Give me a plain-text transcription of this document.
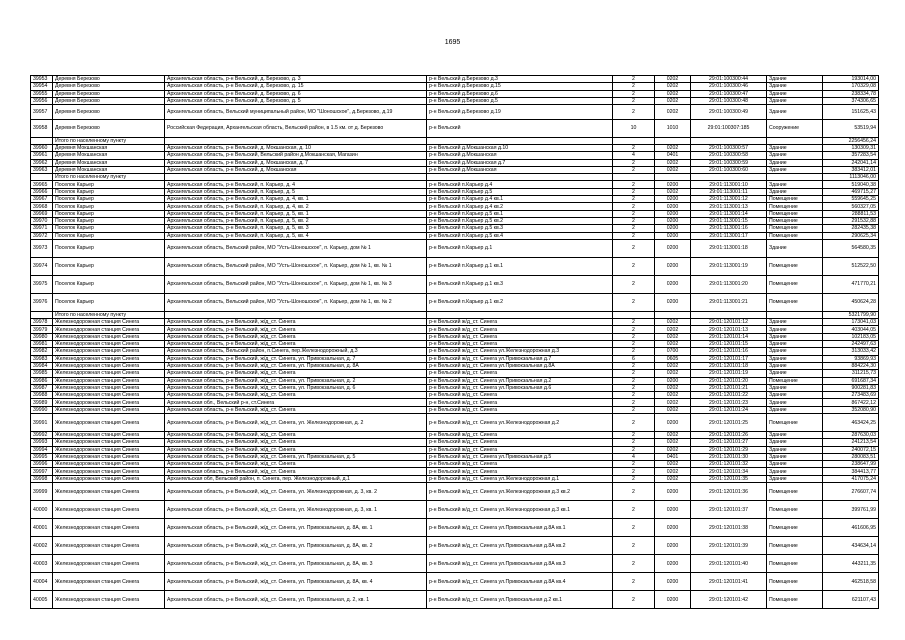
1695
39953	Деревня Березово	Архангельская область, р-н Вельский, д. Березово, д. 3	р-н Вельский д.Березово д.3	2	0202	29:01:100300:44	Здание	193014,00
39954	Деревня Березово	Архангельская область, р-н Вельский, д. Березово, д. 15	р-н Вельский д.Березово д.15	2	0202	29:01:100300:46	Здание	170329,08
39955	Деревня Березово	Архангельская область, р-н Вельский, д. Березово, д. 6	р-н Вельский д.Березово д.6	2	0202	29:01:100300:47	Здание	238334,78
39956	Деревня Березово	Архангельская область, р-н Вельский, д. Березово, д. 5	р-н Вельский д.Березово д.5	2	0202	29:01:100300:48	Здание	374306,65
39957	Деревня Березово	Архангельская область, Вельский муниципальный район, МО "Шоношское", д.Березово, д.19	р-н Вельский д.Березово д.19	2	0202	29:01:100300:49	Здание	151625,43
39958	Деревня Березово	Российская Федерация, Архангельская область, Вельский район, в 1.5 км. от д. Березово	р-н Вельский	10	1010	29:01:100307:185	Сооружение	53519,94
	Итого по населенному пункту							2256456,24
39960	Деревня Мокшанская	Архангельская область, р-н Вельский, д. Мокшанская, д. 10	р-н Вельский д.Мокшанская д.10	2	0202	29:01:100300:57	Здание	130309,31
39961	Деревня Мокшанская	Архангельская область, р-н Вельский, Вельский район д.Мокшанская, Магазин	р-н Вельский д.Мокшанская	4	0401	29:01:100300:58	Здание	357283,54
39962	Деревня Мокшанская	Архангельская область, р-н Вельский, д. Мокшанская, д. 7	р-н Вельский д.Мокшанская д.7	2	0202	29:01:100300:59	Здание	242041,14
39963	Деревня Мокшанская	Архангельская область, р-н Вельский, д. Мокшанская	р-н Вельский д.Мокшанская	2	0202	29:01:100300:60	Здание	383412,01
	Итого по населенному пункту							1113046,00
39965	Поселок Карьер	Архангельская область, р-н Вельский, п. Карьер, д. 4	р-н Вельский п.Карьер д.4	2	0200	29:01:113001:10	Здание	519040,38
39966	Поселок Карьер	Архангельская область, р-н Вельский, п. Карьер, д. 5	р-н Вельский п.Карьер д.5	2	0202	29:01:113001:11	Здание	469715,27
39967	Поселок Карьер	Архангельская область, р-н Вельский, п. Карьер, д. 4, кв. 1	р-н Вельский п.Карьер д.4 кв.1	2	0200	29:01:113001:12	Помещение	559645,25
39968	Поселок Карьер	Архангельская область, р-н Вельский, п. Карьер, д. 4, кв. 2	р-н Вельский п.Карьер д.4 кв.2	2	0200	29:01:113001:13	Помещение	560327,05
39969	Поселок Карьер	Архангельская область, р-н Вельский, п. Карьер, д. 5, кв. 1	р-н Вельский п.Карьер д.5 кв.1	2	0200	29:01:113001:14	Помещение	288811,53
39970	Поселок Карьер	Архангельская область, р-н Вельский, п. Карьер, д. 5, кв. 2	р-н Вельский п.Карьер д.5 кв.2	2	0200	29:01:113001:15	Помещение	291532,88
39971	Поселок Карьер	Архангельская область, р-н Вельский, п. Карьер, д. 5, кв. 3	р-н Вельский п.Карьер д.5 кв.3	2	0200	29:01:113001:16	Помещение	282435,38
39972	Поселок Карьер	Архангельская область, р-н Вельский, п. Карьер, д. 5, кв. 4	р-н Вельский п.Карьер д.5 кв.4	2	0200	29:01:113001:17	Помещение	290625,34
39973	Поселок Карьер	Архангельская область, Вельский район, МО "Усть-Шоношское", п. Карьер, дом № 1	р-н Вельский п.Карьер д.1	2	0200	29:01:113001:18	Здание	564580,35
39974	Поселок Карьер	Архангельская область, Вельский район, МО "Усть-Шоношское", п. Карьер, дом № 1, кв. № 1	р-н Вельский п.Карьер д.1 кв.1	2	0200	29:01:113001:19	Помещение	512522,50
39975	Поселок Карьер	Архангельская область, Вельский район, МО "Усть-Шоношское", п. Карьер, дом № 1, кв. № 3	р-н Вельский п.Карьер д.1 кв.3	2	0200	29:01:113001:20	Помещение	471770,21
39976	Поселок Карьер	Архангельская область, Вельский район, МО "Усть-Шоношское", п. Карьер, дом № 1, кв. № 2	р-н Вельский п.Карьер д.1 кв.2	2	0200	29:01:113001:21	Помещение	450624,28
	Итого по населенному пункту							5321799,90
39978	Железнодорожная станция Синега	Архангельская область, р-н Вельский, ж/д_ст. Синега	р-н Вельский ж/д_ст. Синега	2	0202	29:01:120101:12	Здание	173041,03
39979	Железнодорожная станция Синега	Архангельская область, р-н Вельский, ж/д_ст. Синега	р-н Вельский ж/д_ст. Синега	2	0202	29:01:120101:13	Здание	403044,05
39980	Железнодорожная станция Синега	Архангельская область, р-н Вельский, ж/д_ст. Синега	р-н Вельский ж/д_ст. Синега	2	0202	29:01:120101:14	Здание	102183,05
39981	Железнодорожная станция Синега	Архангельская область, р-н Вельский, ж/д_ст. Синега	р-н Вельский ж/д_ст. Синега	2	0202	29:01:120101:15	Здание	242497,63
39982	Железнодорожная станция Синега	Архангельская область, Вельский район, п.Синега, пер.Железнодорожный, д.3	р-н Вельский ж/д_ст. Синега ул.Железнодорожная д.3	2	0700	29:01:120101:16	Здание	313033,42
39983	Железнодорожная станция Синега	Архангельская область, р-н Вельский, ж/д_ст. Синега, ул. Привокзальная, д. 7	р-н Вельский ж/д_ст. Синега ул.Привокзальная д.7	6	0605	29:01:120101:17	Здание	93869,93
39984	Железнодорожная станция Синега	Архангельская область, р-н Вельский, ж/д_ст. Синега, ул. Привокзальная, д. 8А	р-н Вельский ж/д_ст. Синега ул.Привокзальная д.8А	2	0202	29:01:120101:18	Здание	884224,30
39985	Железнодорожная станция Синега	Архангельская область, р-н Вельский, ж/д_ст. Синега	р-н Вельский ж/д_ст. Синега	2	0202	29:01:120101:19	Здание	311215,73
39986	Железнодорожная станция Синега	Архангельская область, р-н Вельский, ж/д_ст. Синега, ул. Привокзальная, д. 2	р-н Вельский ж/д_ст. Синега ул.Привокзальная д.2	2	0200	29:01:120101:20	Помещение	691687,34
39987	Железнодорожная станция Синега	Архангельская область, р-н Вельский, ж/д_ст. Синега, ул. Привокзальная, д. 6	р-н Вельский ж/д_ст. Синега ул.Привокзальная д.6	2	0202	29:01:120101:21	Здание	900281,83
39988	Железнодорожная станция Синега	Архангельская область, р-н Вельский, ж/д_ст. Синега	р-н Вельский ж/д_ст. Синега	2	0202	29:01:120101:22	Здание	273483,69
39989	Железнодорожная станция Синега	Архангельская обл., Вельский р-н, ст.Синега	р-н Вельский ж/д_ст. Синега	2	0202	29:01:120101:23	Здание	867422,12
39990	Железнодорожная станция Синега	Архангельская область, р-н Вельский, ж/д_ст. Синега	р-н Вельский ж/д_ст. Синега	2	0202	29:01:120101:24	Здание	352080,90
39991	Железнодорожная станция Синега	Архангельская область, р-н Вельский, ж/д_ст. Синега, ул. Железнодорожная, д. 2	р-н Вельский ж/д_ст. Синега ул.Железнодорожная д.2	2	0200	29:01:120101:25	Помещение	463424,25
39992	Железнодорожная станция Синега	Архангельская область, р-н Вельский, ж/д_ст. Синега	р-н Вельский ж/д_ст. Синега	2	0202	29:01:120101:26	Здание	287630,03
39993	Железнодорожная станция Синега	Архангельская область, р-н Вельский, ж/д_ст. Синега	р-н Вельский ж/д_ст. Синега	2	0202	29:01:120101:27	Здание	241213,54
39994	Железнодорожная станция Синега	Архангельская область, р-н Вельский, ж/д_ст. Синега	р-н Вельский ж/д_ст. Синега	2	0202	29:01:120101:29	Здание	240072,15
39995	Железнодорожная станция Синега	Архангельская область, р-н Вельский, ж/д_ст. Синега, ул. Привокзальная, д. 5	р-н Вельский ж/д_ст. Синега ул.Привокзальная д.5	4	0401	29:01:120101:30	Здание	280083,51
39996	Железнодорожная станция Синега	Архангельская область, р-н Вельский, ж/д_ст. Синега	р-н Вельский ж/д_ст. Синега	2	0202	29:01:120101:32	Здание	238647,99
39997	Железнодорожная станция Синега	Архангельская область, р-н Вельский, ж/д_ст. Синега	р-н Вельский ж/д_ст. Синега	2	0202	29:01:120101:34	Здание	384413,77
39998	Железнодорожная станция Синега	Архангельская обл, Вельский район, п. Синега, пер. Железнодорожный, д.1	р-н Вельский ж/д_ст. Синега ул.Железнодорожная д.1	2	0202	29:01:120101:35	Здание	417075,24
39999	Железнодорожная станция Синега	Архангельская область, р-н Вельский, ж/д_ст. Синега, ул. Железнодорожная, д. 3, кв. 2	р-н Вельский ж/д_ст. Синега ул.Железнодорожная д.3 кв.2	2	0200	29:01:120101:36	Помещение	276607,74
40000	Железнодорожная станция Синега	Архангельская область, р-н Вельский, ж/д_ст. Синега, ул. Железнодорожная, д. 3, кв. 1	р-н Вельский ж/д_ст. Синега ул.Железнодорожная д.3 кв.1	2	0200	29:01:120101:37	Помещение	399761,99
40001	Железнодорожная станция Синега	Архангельская область, р-н Вельский, ж/д_ст. Синега, ул. Привокзальная, д. 8А, кв. 1	р-н Вельский ж/д_ст. Синега ул.Привокзальная д.8А кв.1	2	0200	29:01:120101:38	Помещение	461606,95
40002	Железнодорожная станция Синега	Архангельская область, р-н Вельский, ж/д_ст. Синега, ул. Привокзальная, д. 8А, кв. 2	р-н Вельский ж/д_ст. Синега ул.Привокзальная д.8А кв.2	2	0200	29:01:120101:39	Помещение	434634,14
40003	Железнодорожная станция Синега	Архангельская область, р-н Вельский, ж/д_ст. Синега, ул. Привокзальная, д. 8А, кв. 3	р-н Вельский ж/д_ст. Синега ул.Привокзальная д.8А кв.3	2	0200	29:01:120101:40	Помещение	443211,35
40004	Железнодорожная станция Синега	Архангельская область, р-н Вельский, ж/д_ст. Синега, ул. Привокзальная, д. 8А, кв. 4	р-н Вельский ж/д_ст. Синега ул.Привокзальная д.8А кв.4	2	0200	29:01:120101:41	Помещение	462518,58
40005	Железнодорожная станция Синега	Архангельская область, р-н Вельский, ж/д_ст. Синега, ул. Привокзальная, д. 2, кв. 1	р-н Вельский ж/д_ст. Синега ул.Привокзальная д.2 кв.1	2	0200	29:01:120101:42	Помещение	621107,43
